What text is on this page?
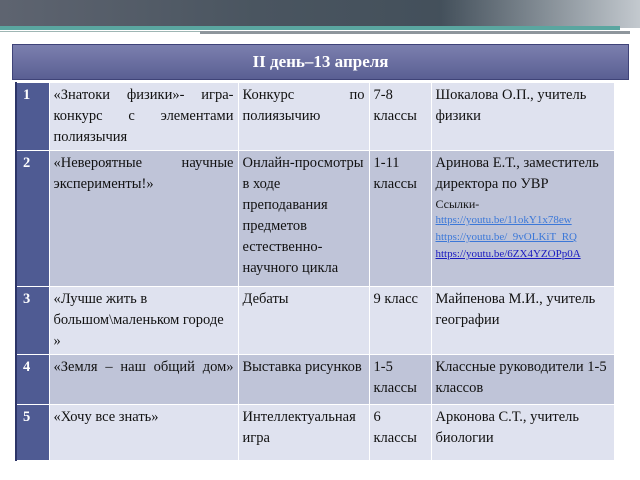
II день–13 апреля
1	«Знатоки физики»- игра-конкурс с элементами полиязычия	Конкурс по полиязычию	7-8 классы	Шокалова О.П., учитель физики
2	«Невероятные научные эксперименты!»	Онлайн-просмотры в ходе преподавания предметов естественно-научного цикла	1-11 классы	Аринова Е.Т., заместитель директора по УВР
Ссылки-
https://youtu.be/11okY1x78ew
https://youtu.be/_9vOLKiT_RQ
https://youtu.be/6ZX4YZOPp0A

3	«Лучше жить в большом\маленьком городе »	Дебаты	9 класс	Майпенова М.И., учитель географии
4	«Земля – наш общий дом»	Выставка рисунков	1-5 классы	Классные руководители 1-5 классов
5	«Хочу все знать»	Интеллектуальная игра	6 классы	Арконова С.Т., учитель биологии
